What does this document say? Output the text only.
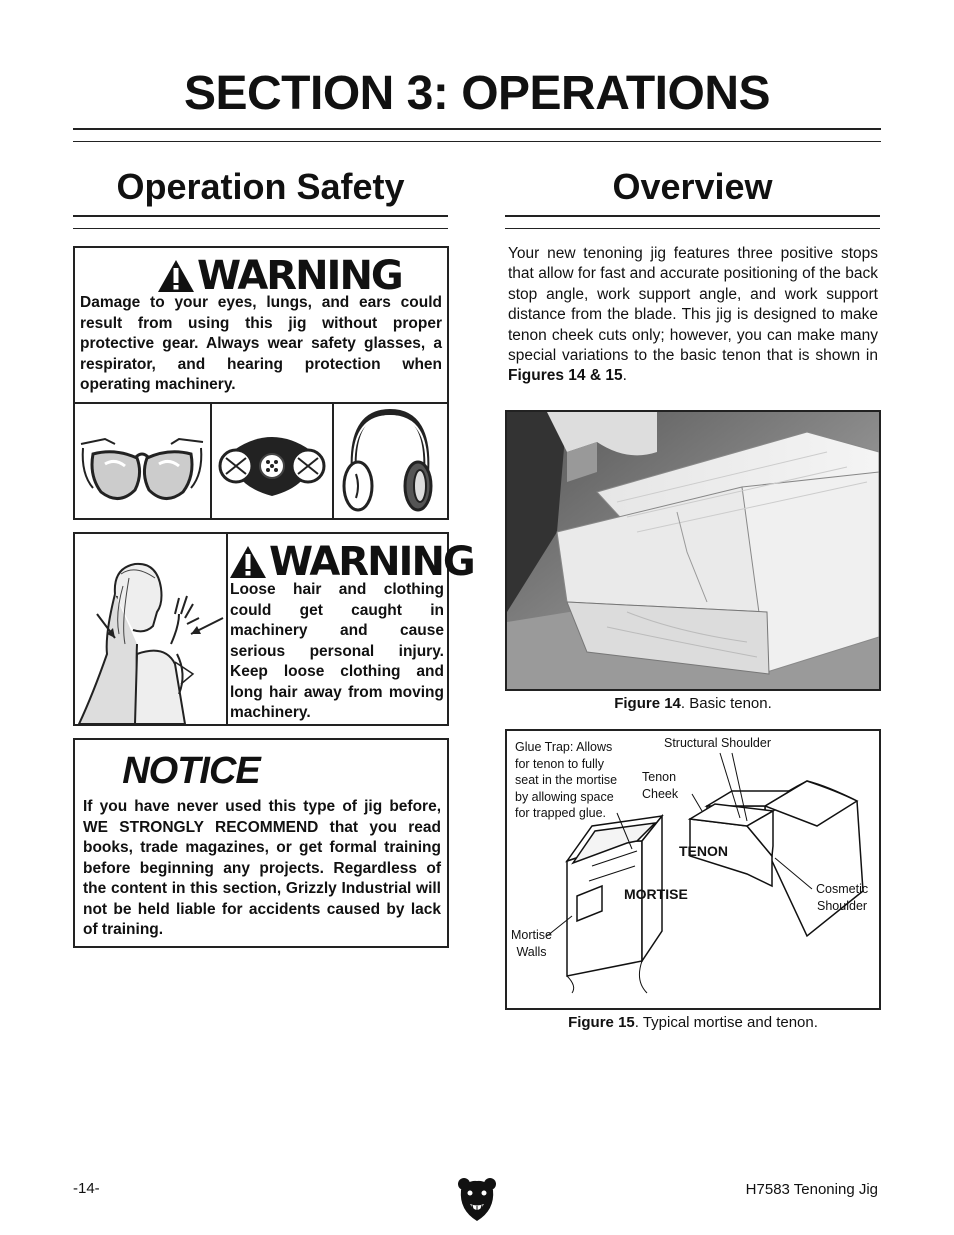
SECTION 3: OPERATIONS
Operation Safety	Overview
WARNING
Damage to your eyes, lungs, and ears could result from using this jig without proper protective gear. Always wear safety glasses, a respirator, and hearing protection when operating machinery.
WARNING
Loose hair and clothing could get caught in machinery and cause serious personal injury. Keep loose clothing and long hair away from moving machinery.
NOTICE
If you have never used this type of jig before, WE STRONGLY RECOMMEND that you read books, trade magazines, or get formal training before beginning any projects. Regardless of the content in this section, Grizzly Industrial will not be held liable for accidents caused by lack of training.
Your new tenoning jig features three positive stops that allow for fast and accurate positioning of the back stop angle, work support angle, and work support distance from the blade. This jig is designed to make tenon cheek cuts only; however, you can make many special variations to the basic tenon that is shown in Figures 14 & 15.
Figure 14. Basic tenon.
Glue Trap: Allows
for tenon to fully
seat in the mortise
by allowing space
for trapped glue.
Structural Shoulder
Tenon
Cheek
TENON
MORTISE	Cosmetic
Shoulder
Mortise
Walls
Figure 15. Typical mortise and tenon.
-14-	H7583 Tenoning Jig
